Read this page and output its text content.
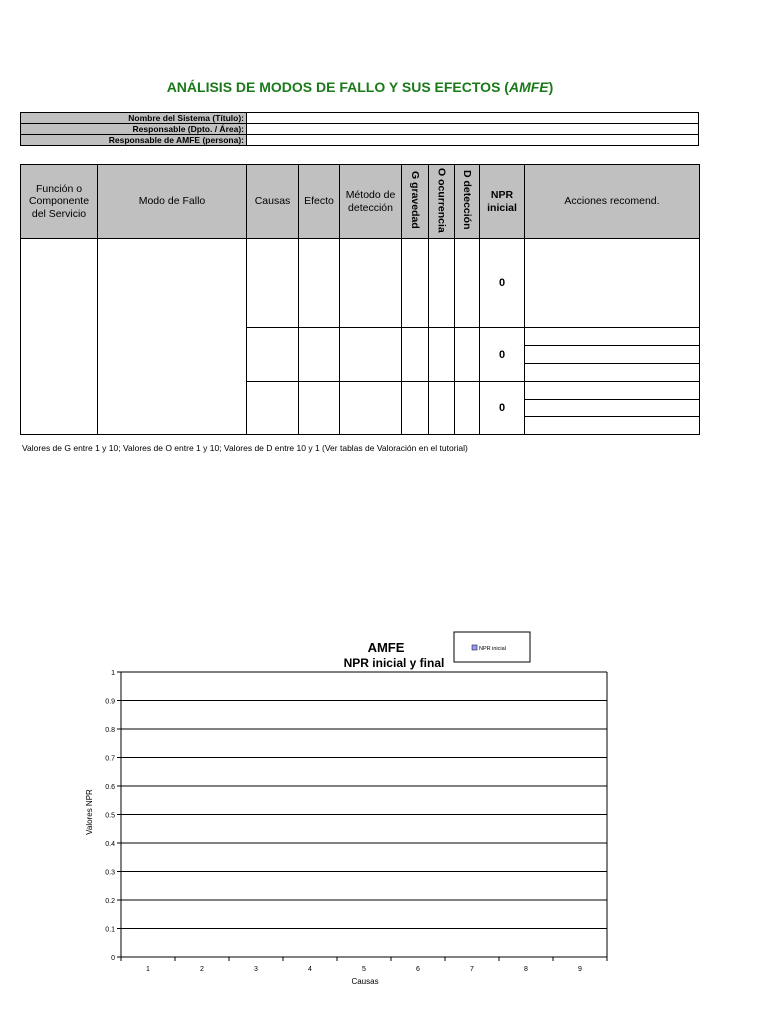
ANÁLISIS DE MODOS DE FALLO Y SUS EFECTOS (AMFE)
Nombre del Sistema (Título):	
Responsable (Dpto. / Área):	
Responsable de AMFE (persona):	
Función o Componente del Servicio	Modo de Fallo	Causas	Efecto	Método de detección	G gravedad	O ocurrencia	D detección	NPR inicial	Acciones recomend.
								0	
								0	

								0	
Valores de G entre 1 y 10; Valores de O entre 1 y 10; Valores de D entre 10 y 1 (Ver tablas de Valoración en el tutorial)
AMFE
NPR inicial y final
NPR inicial
0
0.1
0.2
0.3
0.4
0.5
0.6
0.7
0.8
0.9
1
1	2	3	4	5	6	7	8	9
Valores NPR
Causas
